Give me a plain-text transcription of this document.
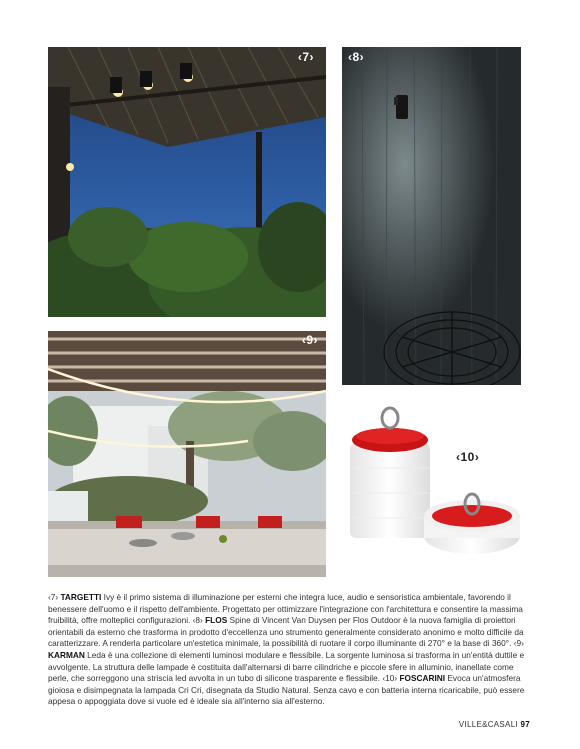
‹7›	‹8›
‹9›
‹10›
‹7› TARGETTI Ivy è il primo sistema di illuminazione per esterni che integra luce, audio e sensoristica ambientale, favorendo il benessere dell'uomo e il rispetto dell'ambiente. Progettato per ottimizzare l'integrazione con l'architettura e consentire la massima fruibilità, offre molteplici configurazioni. ‹8› FLOS Spine di Vincent Van Duysen per Flos Outdoor è la nuova famiglia di proiettori orientabili da esterno che trasforma in prodotto d'eccellenza uno strumento generalmente considerato anonimo e molto difficile da caratterizzare. A renderla particolare un'estetica minimale, la possibilità di ruotare il corpo illuminante di 270° e la base di 360°. ‹9› KARMAN Leda è una collezione di elementi luminosi modulare e flessibile. La sorgente luminosa si trasforma in un'entità duttile e avvolgente. La struttura delle lampade è costituita dall'alternarsi di barre cilindriche e piccole sfere in alluminio, inanellate come perle, che sorreggono una striscia led avvolta in un tubo di silicone trasparente e flessibile. ‹10› FOSCARINI Evoca un'atmosfera gioiosa e disimpegnata la lampada Cri Cri, disegnata da Studio Natural. Senza cavo e con batteria interna ricaricabile, può essere appesa o appoggiata dove si vuole ed è ideale sia all'interno sia all'esterno.
VILLE&CASALI 97
